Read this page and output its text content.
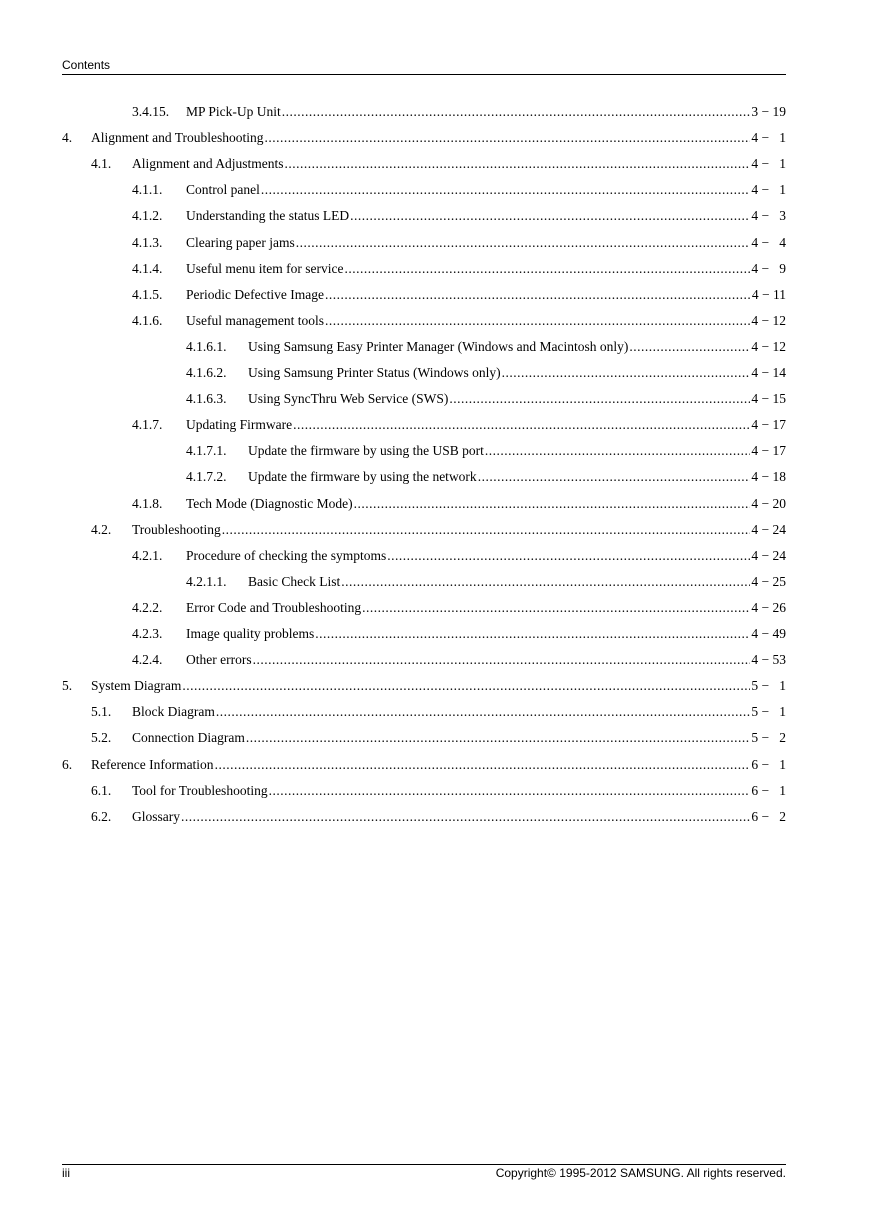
Contents
3.4.15.	MP Pick-Up Unit .....	3 − 19
4.	Alignment and Troubleshooting .....	4 −   1
4.1.	Alignment and Adjustments .....	4 −   1
4.1.1.	Control panel .....	4 −   1
4.1.2.	Understanding the status LED .....	4 −   3
4.1.3.	Clearing paper jams .....	4 −   4
4.1.4.	Useful menu item for service .....	4 −   9
4.1.5.	Periodic Defective Image .....	4 − 11
4.1.6.	Useful management tools .....	4 − 12
4.1.6.1.	Using Samsung Easy Printer Manager (Windows and Macintosh only) .....	4 − 12
4.1.6.2.	Using Samsung Printer Status (Windows only) .....	4 − 14
4.1.6.3.	Using SyncThru Web Service (SWS) .....	4 − 15
4.1.7.	Updating Firmware .....	4 − 17
4.1.7.1.	Update the firmware by using the USB port .....	4 − 17
4.1.7.2.	Update the firmware by using the network .....	4 − 18
4.1.8.	Tech Mode (Diagnostic Mode) .....	4 − 20
4.2.	Troubleshooting .....	4 − 24
4.2.1.	Procedure of checking the symptoms .....	4 − 24
4.2.1.1.	Basic Check List .....	4 − 25
4.2.2.	Error Code and Troubleshooting .....	4 − 26
4.2.3.	Image quality problems .....	4 − 49
4.2.4.	Other errors .....	4 − 53
5.	System Diagram .....	5 −   1
5.1.	Block Diagram .....	5 −   1
5.2.	Connection Diagram .....	5 −   2
6.	Reference Information .....	6 −   1
6.1.	Tool for Troubleshooting .....	6 −   1
6.2.	Glossary .....	6 −   2
iii	Copyright© 1995-2012 SAMSUNG. All rights reserved.
